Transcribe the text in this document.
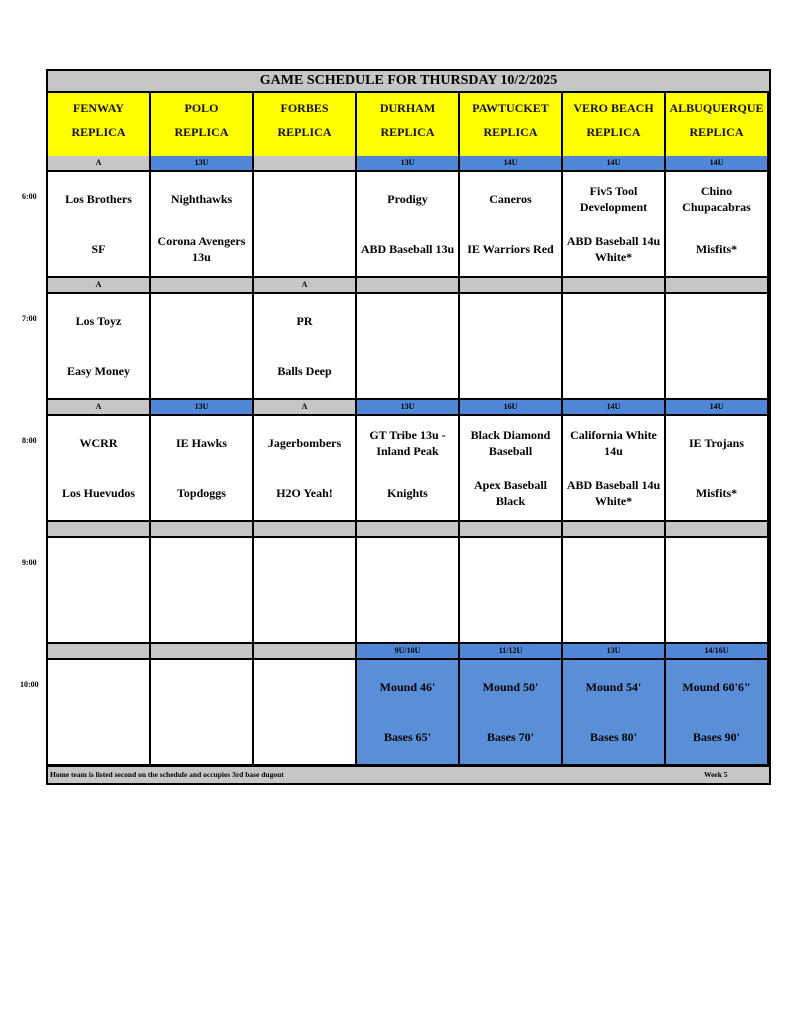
GAME SCHEDULE FOR THURSDAY 10/2/2025
Home team is listed second on the schedule and occupies 3rd base dugout	Week 5
FENWAY
REPLICA
POLO
REPLICA
FORBES
REPLICA
DURHAM
REPLICA
PAWTUCKET
REPLICA
VERO BEACH
REPLICA
ALBUQUERQUE
REPLICA
A
Los Brothers
SF
13U
Nighthawks
Corona Avengers 13u
13U
Prodigy
ABD Baseball 13u
14U
Caneros
IE Warriors Red
14U
Fiv5 Tool Development
ABD Baseball 14u White*
14U
Chino Chupacabras
Misfits*
A
Los Toyz
Easy Money
A
PR
Balls Deep
A
WCRR
Los Huevudos
13U
IE Hawks
Topdoggs
A
Jagerbombers
H2O Yeah!
13U
GT Tribe 13u - Inland Peak
Knights
16U
Black Diamond Baseball
Apex Baseball Black
14U
California White 14u
ABD Baseball 14u White*
14U
IE Trojans
Misfits*
9U/10U
Mound 46'
Bases 65'
11/12U
Mound 50'
Bases 70'
13U
Mound 54'
Bases 80'
14/16U
Mound 60'6"
Bases 90'
6:00
7:00
8:00
9:00
10:00
